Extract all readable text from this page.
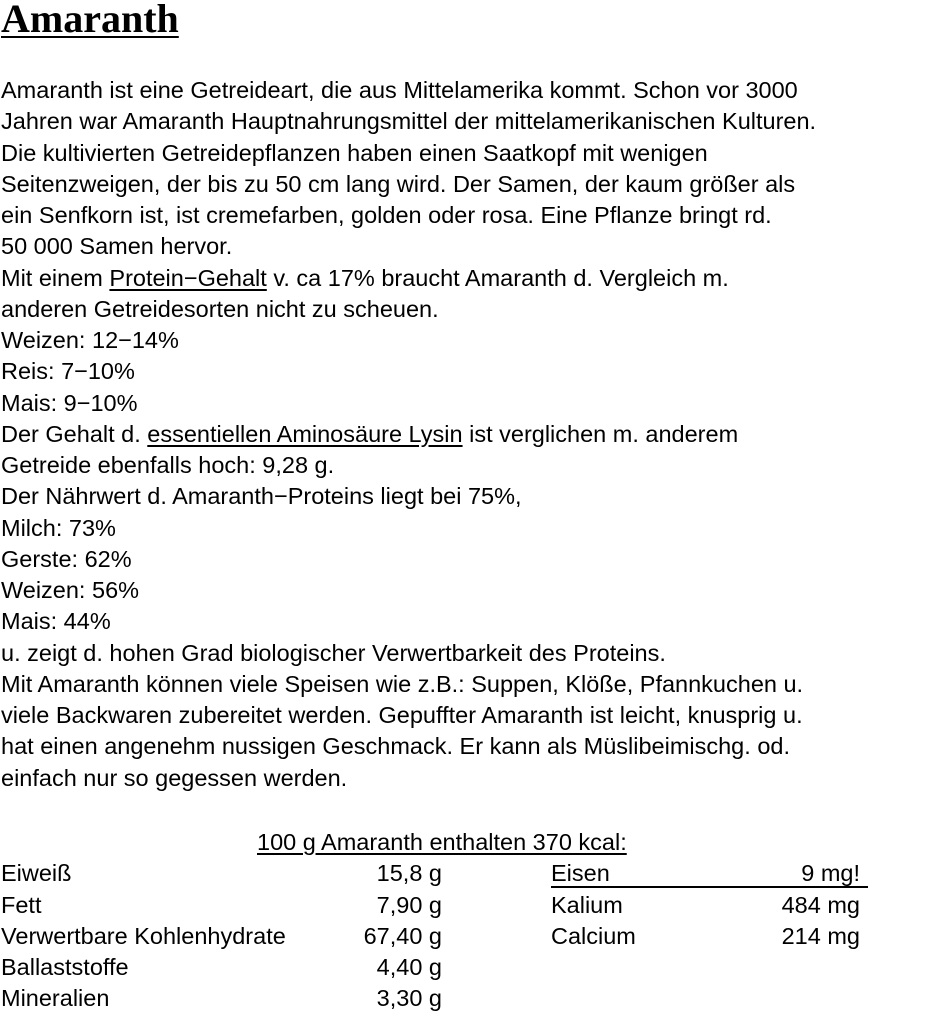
Amaranth
Amaranth ist eine Getreideart, die aus Mittelamerika kommt. Schon vor 3000
Jahren war Amaranth Hauptnahrungsmittel der mittelamerikanischen Kulturen.
Die kultivierten Getreidepflanzen haben einen Saatkopf mit wenigen
Seitenzweigen, der bis zu 50 cm lang wird. Der Samen, der kaum größer als
ein Senfkorn ist, ist cremefarben, golden oder rosa. Eine Pflanze bringt rd.
50 000 Samen hervor.
Mit einem Protein−Gehalt v. ca 17% braucht Amaranth d. Vergleich m.
anderen Getreidesorten nicht zu scheuen.
Weizen: 12−14%
Reis: 7−10%
Mais: 9−10%
Der Gehalt d. essentiellen Aminosäure Lysin ist verglichen m. anderem
Getreide ebenfalls hoch: 9,28 g.
Der Nährwert d. Amaranth−Proteins liegt bei 75%,
Milch: 73%
Gerste: 62%
Weizen: 56%
Mais: 44%
u. zeigt d. hohen Grad biologischer Verwertbarkeit des Proteins.
Mit Amaranth können viele Speisen wie z.B.: Suppen, Klöße, Pfannkuchen u.
viele Backwaren zubereitet werden. Gepuffter Amaranth ist leicht, knusprig u.
hat einen angenehm nussigen Geschmack. Er kann als Müslibeimischg. od.
einfach nur so gegessen werden.
100 g Amaranth enthalten 370 kcal:
Eiweiß	15,8 g	Eisen	9 mg!
Fett	7,90 g	Kalium	484 mg
Verwertbare Kohlenhydrate	67,40 g	Calcium	214 mg
Ballaststoffe	4,40 g
Mineralien	3,30 g
